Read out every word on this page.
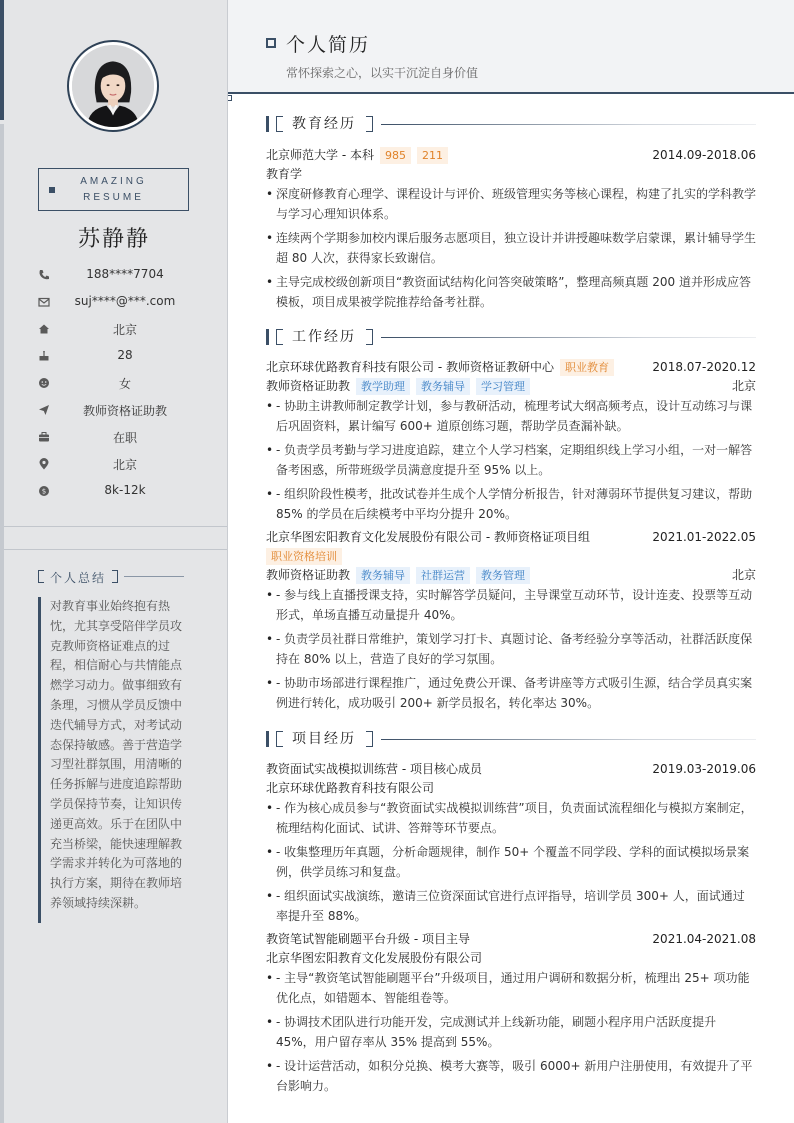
AMAZING
RESUME
苏静静
188****7704
suj****@***.com
北京
28
女
教师资格证助教
在职
北京
$	8k-12k
个人总结
对教育事业始终抱有热忱，尤其享受陪伴学员攻克教师资格证难点的过程，相信耐心与共情能点燃学习动力。做事细致有条理，习惯从学员反馈中迭代辅导方式，对考试动态保持敏感。善于营造学习型社群氛围，用清晰的任务拆解与进度追踪帮助学员保持节奏，让知识传递更高效。乐于在团队中充当桥梁，能快速理解教学需求并转化为可落地的执行方案，期待在教师培养领域持续深耕。
个人简历
常怀探索之心，以实干沉淀自身价值
教育经历
北京师范大学 - 本科 985 211	2014.09-2018.06
教育学
• 深度研修教育心理学、课程设计与评价、班级管理实务等核心课程，构建了扎实的学科教学与学习心理知识体系。
• 连续两个学期参加校内课后服务志愿项目，独立设计并讲授趣味数学启蒙课，累计辅导学生超 80 人次，获得家长致谢信。
• 主导完成校级创新项目“教资面试结构化问答突破策略”，整理高频真题 200 道并形成应答模板，项目成果被学院推荐给备考社群。
工作经历
北京环球优路教育科技有限公司 - 教师资格证教研中心 职业教育	2018.07-2020.12
教师资格证助教 教学助理 教务辅导 学习管理	北京
• - 协助主讲教师制定教学计划，参与教研活动，梳理考试大纲高频考点，设计互动练习与课后巩固资料，累计编写 600+ 道原创练习题，帮助学员查漏补缺。
• - 负责学员考勤与学习进度追踪，建立个人学习档案，定期组织线上学习小组，一对一解答备考困惑，所带班级学员满意度提升至 95% 以上。
• - 组织阶段性模考，批改试卷并生成个人学情分析报告，针对薄弱环节提供复习建议，帮助 85% 的学员在后续模考中平均分提升 20%。
北京华图宏阳教育文化发展股份有限公司 - 教师资格证项目组	2021.01-2022.05
职业资格培训
教师资格证助教 教务辅导 社群运营 教务管理	北京
• - 参与线上直播授课支持，实时解答学员疑问，主导课堂互动环节，设计连麦、投票等互动形式，单场直播互动量提升 40%。
• - 负责学员社群日常维护，策划学习打卡、真题讨论、备考经验分享等活动，社群活跃度保持在 80% 以上，营造了良好的学习氛围。
• - 协助市场部进行课程推广，通过免费公开课、备考讲座等方式吸引生源，结合学员真实案例进行转化，成功吸引 200+ 新学员报名，转化率达 30%。
项目经历
教资面试实战模拟训练营 - 项目核心成员	2019.03-2019.06
北京环球优路教育科技有限公司
• - 作为核心成员参与“教资面试实战模拟训练营”项目，负责面试流程细化与模拟方案制定，梳理结构化面试、试讲、答辩等环节要点。
• - 收集整理历年真题，分析命题规律，制作 50+ 个覆盖不同学段、学科的面试模拟场景案例，供学员练习和复盘。
• - 组织面试实战演练，邀请三位资深面试官进行点评指导，培训学员 300+ 人，面试通过率提升至 88%。
教资笔试智能刷题平台升级 - 项目主导	2021.04-2021.08
北京华图宏阳教育文化发展股份有限公司
• - 主导“教资笔试智能刷题平台”升级项目，通过用户调研和数据分析，梳理出 25+ 项功能优化点，如错题本、智能组卷等。
• - 协调技术团队进行功能开发，完成测试并上线新功能，刷题小程序用户活跃度提升 45%，用户留存率从 35% 提高到 55%。
• - 设计运营活动，如积分兑换、模考大赛等，吸引 6000+ 新用户注册使用，有效提升了平台影响力。
